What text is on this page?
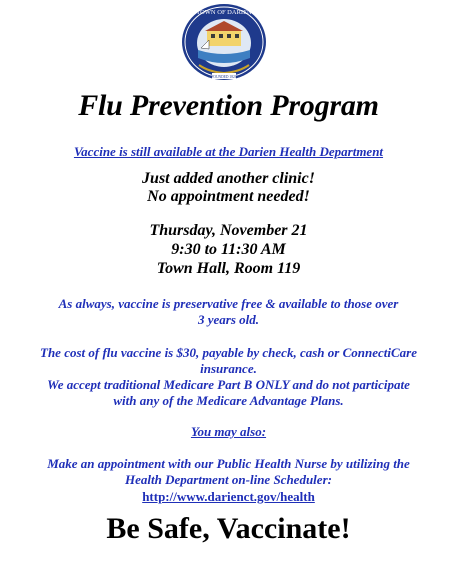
TOWN OF DARIEN
FOUNDED 1820
Flu Prevention Program
Vaccine is still available at the Darien Health Department
Just added another clinic!
No appointment needed!
Thursday, November 21
9:30 to 11:30 AM
Town Hall, Room 119
As always, vaccine is preservative free & available to those over
3 years old.
The cost of flu vaccine is $30, payable by check, cash or ConnectiCare
insurance.
We accept traditional Medicare Part B ONLY and do not participate
with any of the Medicare Advantage Plans.
You may also:
Make an appointment with our Public Health Nurse by utilizing the
Health Department on-line Scheduler:
http://www.darienct.gov/health
Be Safe, Vaccinate!
